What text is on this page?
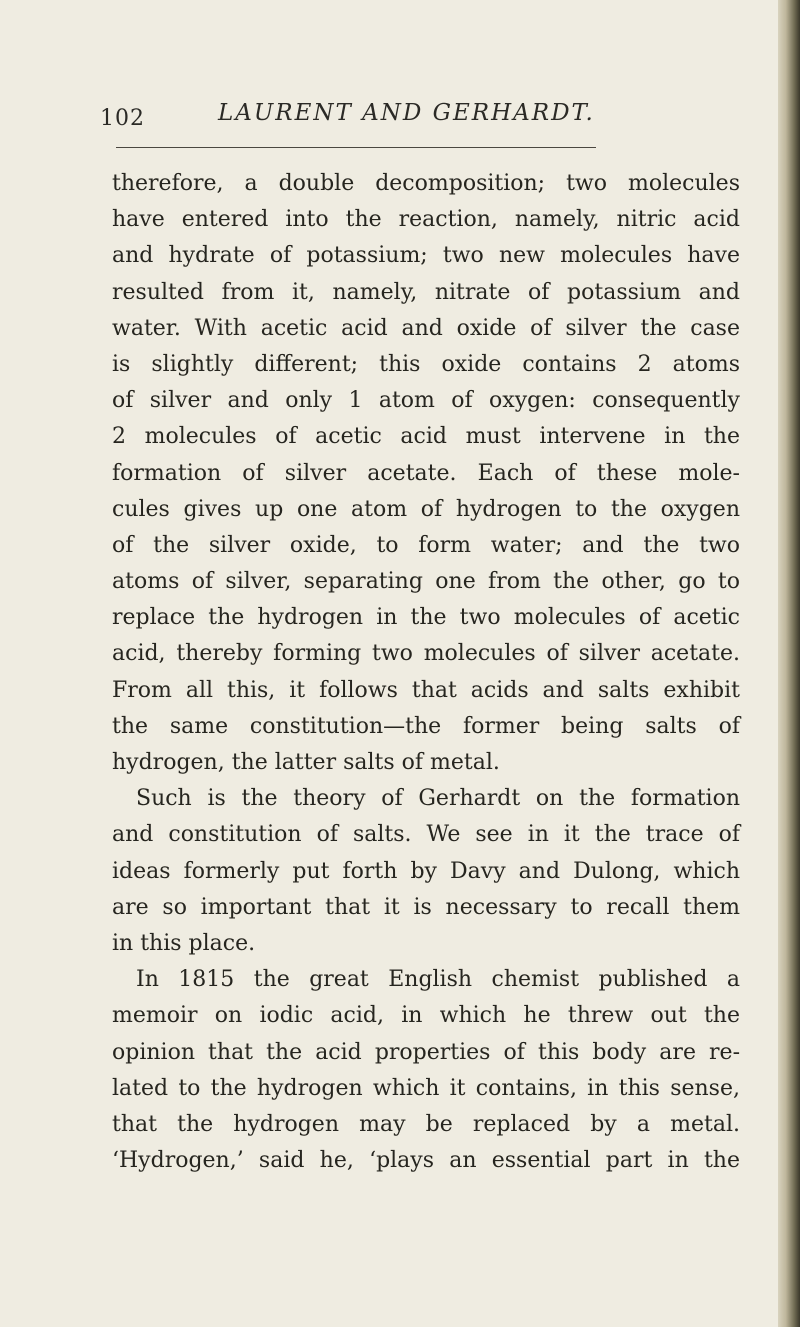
102	LAURENT AND GERHARDT.
therefore, a double decomposition; two molecules
have entered into the reaction, namely, nitric acid
and hydrate of potassium; two new molecules have
resulted from it, namely, nitrate of potassium and
water. With acetic acid and oxide of silver the case
is slightly different; this oxide contains 2 atoms
of silver and only 1 atom of oxygen: consequently
2 molecules of acetic acid must intervene in the
formation of silver acetate. Each of these mole-
cules gives up one atom of hydrogen to the oxygen
of the silver oxide, to form water; and the two
atoms of silver, separating one from the other, go to
replace the hydrogen in the two molecules of acetic
acid, thereby forming two molecules of silver acetate.
From all this, it follows that acids and salts exhibit
the same constitution—the former being salts of
hydrogen, the latter salts of metal.
Such is the theory of Gerhardt on the formation
and constitution of salts. We see in it the trace of
ideas formerly put forth by Davy and Dulong, which
are so important that it is necessary to recall them
in this place.
In 1815 the great English chemist published a
memoir on iodic acid, in which he threw out the
opinion that the acid properties of this body are re-
lated to the hydrogen which it contains, in this sense,
that the hydrogen may be replaced by a metal.
‘Hydrogen,’ said he, ‘plays an essential part in the
